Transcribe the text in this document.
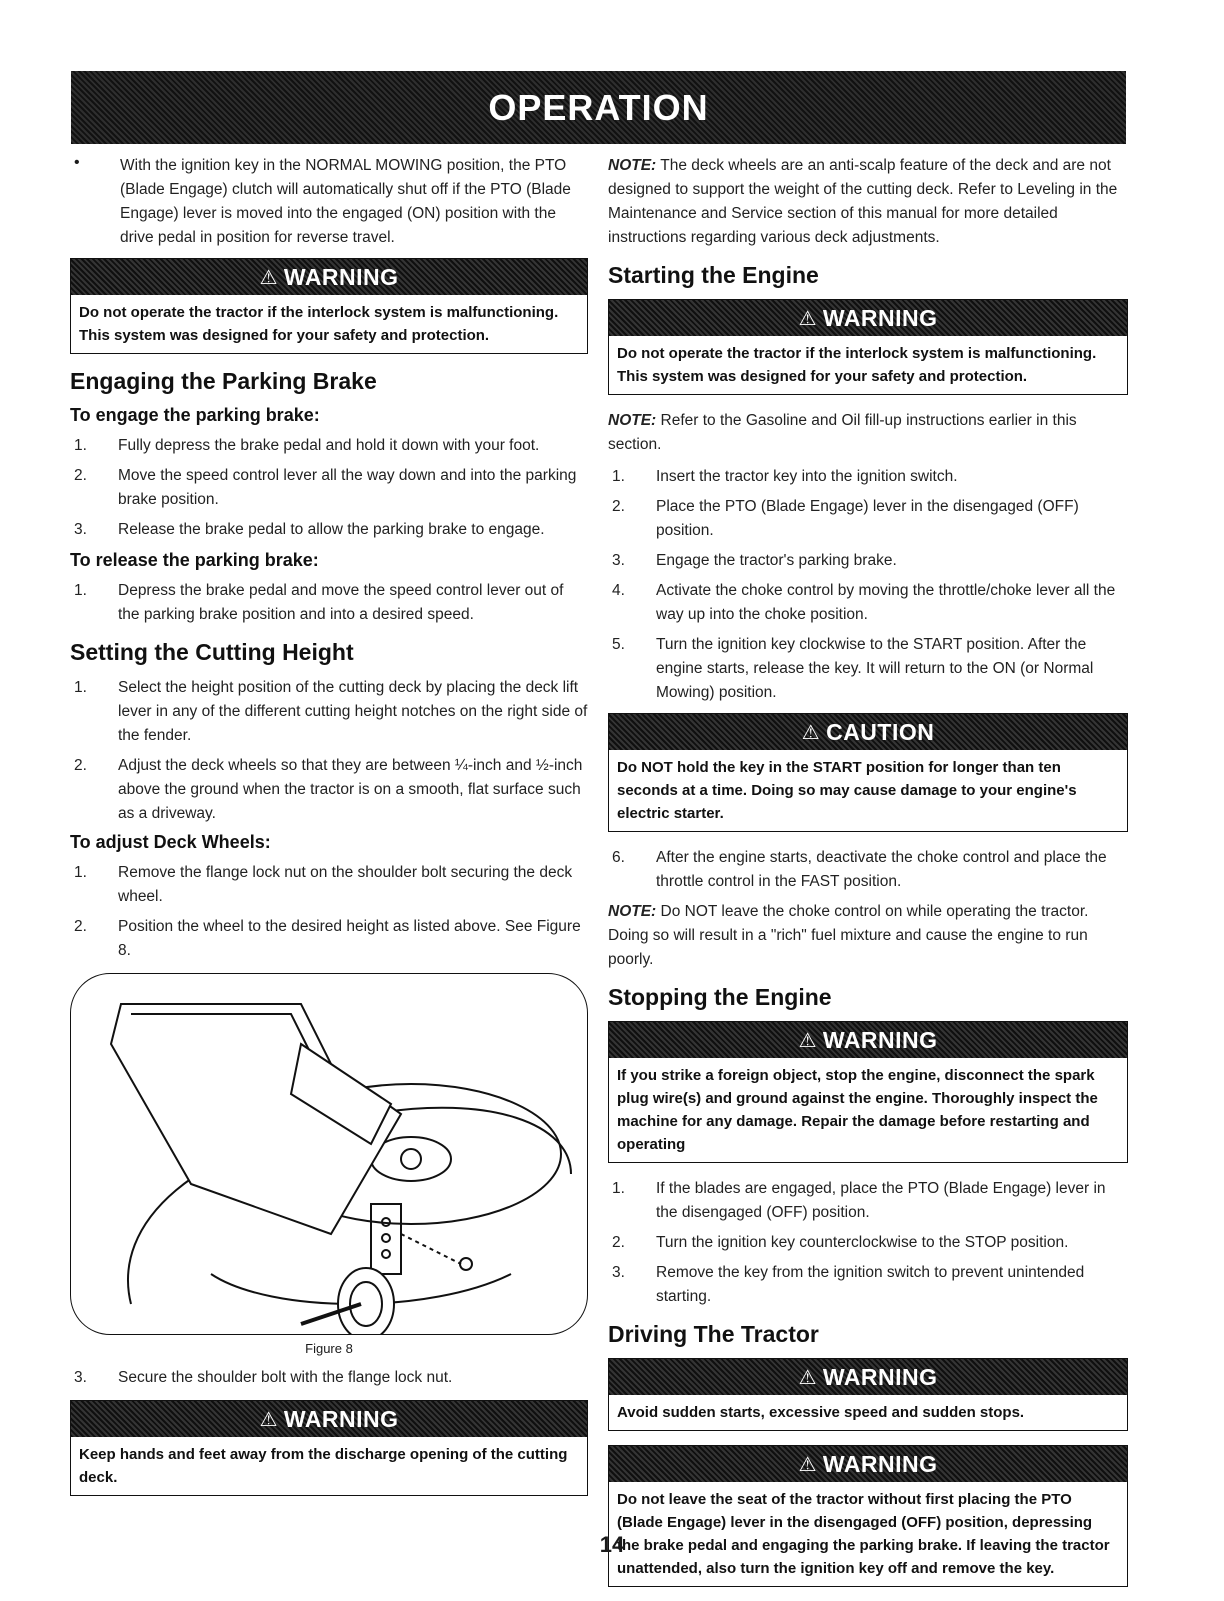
OPERATION
•	With the ignition key in the NORMAL MOWING position, the PTO (Blade Engage) clutch will automatically shut off if the PTO (Blade Engage) lever is moved into the engaged (ON) position with the drive pedal in position for reverse travel.

⚠ WARNING
Do not operate the tractor if the interlock system is malfunctioning. This system was designed for your safety and protection.
Engaging the Parking Brake
To engage the parking brake:
1.	Fully depress the brake pedal and hold it down with your foot.
2.	Move the speed control lever all the way down and into the parking brake position.
3.	Release the brake pedal to allow the parking brake to engage.
To release the parking brake:
1.	Depress the brake pedal and move the speed control lever out of the parking brake position and into a desired speed.
Setting the Cutting Height
1.	Select the height position of the cutting deck by placing the deck lift lever in any of the different cutting height notches on the right side of the fender.
2.	Adjust the deck wheels so that they are between ¼-inch and ½-inch above the ground when the tractor is on a smooth, flat surface such as a driveway.
To adjust Deck Wheels:
1.	Remove the flange lock nut on the shoulder bolt securing the deck wheel.
2.	Position the wheel to the desired height as listed above. See Figure 8.
Figure 8
3.	Secure the shoulder bolt with the flange lock nut.
⚠ WARNING
Keep hands and feet away from the discharge opening of the cutting deck.

NOTE: The deck wheels are an anti-scalp feature of the deck and are not designed to support the weight of the cutting deck. Refer to Leveling in the Maintenance and Service section of this manual for more detailed instructions regarding various deck adjustments.

Starting the Engine
⚠ WARNING
Do not operate the tractor if the interlock system is malfunctioning. This system was designed for your safety and protection.

NOTE: Refer to the Gasoline and Oil fill-up instructions earlier in this section.

1.	Insert the tractor key into the ignition switch.
2.	Place the PTO (Blade Engage) lever in the disengaged (OFF) position.
3.	Engage the tractor's parking brake.
4.	Activate the choke control by moving the throttle/choke lever all the way up into the choke position.
5.	Turn the ignition key clockwise to the START position. After the engine starts, release the key. It will return to the ON (or Normal Mowing) position.
⚠ CAUTION
Do NOT hold the key in the START position for longer than ten seconds at a time. Doing so may cause damage to your engine's electric starter.
6.	After the engine starts, deactivate the choke control and place the throttle control in the FAST position.

NOTE: Do NOT leave the choke control on while operating the tractor. Doing so will result in a "rich" fuel mixture and cause the engine to run poorly.

Stopping the Engine
⚠ WARNING
If you strike a foreign object, stop the engine, disconnect the spark plug wire(s) and ground against the engine. Thoroughly inspect the machine for any damage. Repair the damage before restarting and operating
1.	If the blades are engaged, place the PTO (Blade Engage) lever in the disengaged (OFF) position.
2.	Turn the ignition key counterclockwise to the STOP position.
3.	Remove the key from the ignition switch to prevent unintended starting.
Driving The Tractor
⚠ WARNING
Avoid sudden starts, excessive speed and sudden stops.
⚠ WARNING
Do not leave the seat of the tractor without first placing the PTO (Blade Engage) lever in the disengaged (OFF) position, depressing the brake pedal and engaging the parking brake. If leaving the tractor unattended, also turn the ignition key off and remove the key.
14
